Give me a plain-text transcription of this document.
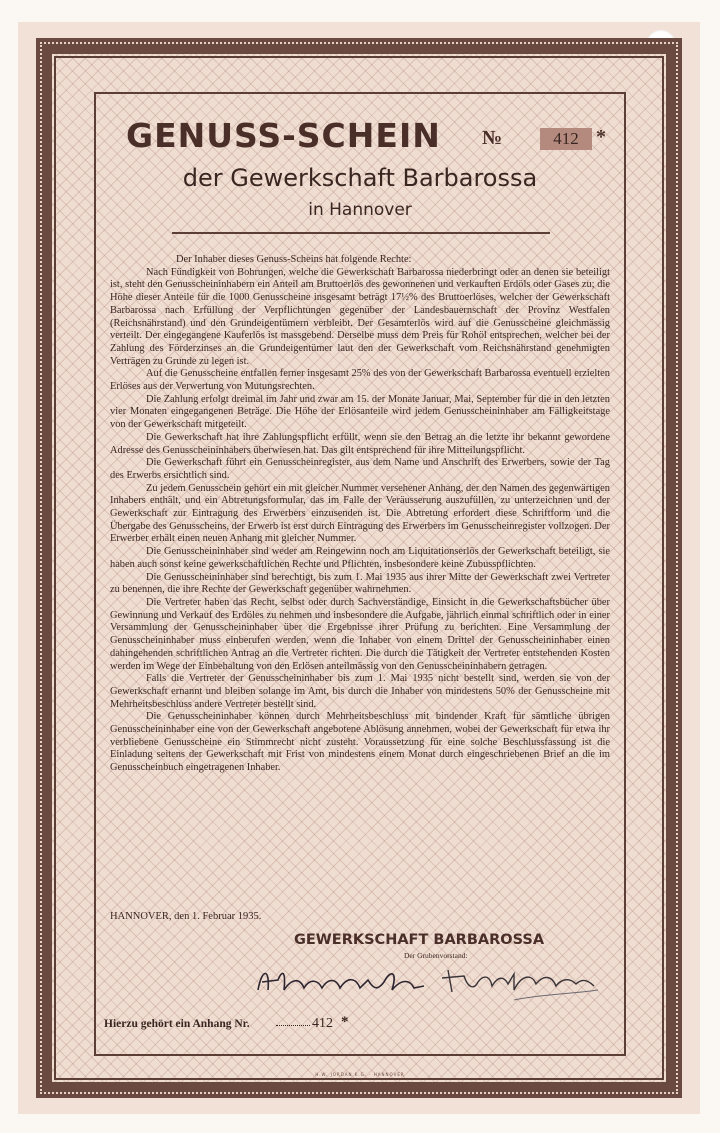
GENUSS-SCHEIN №	412 *
der Gewerkschaft Barbarossa
in Hannover

Der Inhaber dieses Genuss-Scheins hat folgende Rechte:

Nach Fündigkeit von Bohrungen, welche die Gewerkschaft Barbarossa niederbringt oder an denen sie beteiligt ist, steht den Genusscheininhabern ein Anteil am Bruttoerlös des gewonnenen und verkauften Erdöls oder Gases zu; die Höhe dieser Anteile für die 1000 Genusscheine insgesamt beträgt 17½% des Bruttoerlöses, welcher der Gewerkschaft Barbarossa nach Erfüllung der Verpflichtungen gegenüber der Landesbauernschaft der Provinz Westfalen (Reichsnährstand) und den Grundeigentümern verbleibt. Der Gesamterlös wird auf die Genusscheine gleichmässig verteilt. Der eingegangene Kauferlös ist massgebend. Derselbe muss dem Preis für Rohöl entsprechen, welcher bei der Zahlung des Förderzinses an die Grundeigentümer laut den der Gewerkschaft vom Reichsnährstand genehmigten Verträgen zu Grunde zu legen ist.

Auf die Genusscheine entfallen ferner insgesamt 25% des von der Gewerkschaft Barbarossa eventuell erzielten Erlöses aus der Verwertung von Mutungsrechten.

Die Zahlung erfolgt dreimal im Jahr und zwar am 15. der Monate Januar, Mai, September für die in den letzten vier Monaten eingegangenen Beträge. Die Höhe der Erlösanteile wird jedem Genusscheininhaber am Fälligkeitstage von der Gewerkschaft mitgeteilt.

Die Gewerkschaft hat ihre Zahlungspflicht erfüllt, wenn sie den Betrag an die letzte ihr bekannt gewordene Adresse des Genusscheininhabers überwiesen hat. Das gilt entsprechend für ihre Mitteilungspflicht.

Die Gewerkschaft führt ein Genusscheinregister, aus dem Name und Anschrift des Erwerbers, sowie der Tag des Erwerbs ersichtlich sind.

Zu jedem Genusschein gehört ein mit gleicher Nummer versehener Anhang, der den Namen des gegenwärtigen Inhabers enthält, und ein Abtretungsformular, das im Falle der Veräusserung auszufüllen, zu unterzeichnen und der Gewerkschaft zur Eintragung des Erwerbers einzusenden ist. Die Abtretung erfordert diese Schriftform und die Übergabe des Genusscheins, der Erwerb ist erst durch Eintragung des Erwerbers im Genusscheinregister vollzogen. Der Erwerber erhält einen neuen Anhang mit gleicher Nummer.

Die Genusscheininhaber sind weder am Reingewinn noch am Liquitationserlös der Gewerkschaft beteiligt, sie haben auch sonst keine gewerkschaftlichen Rechte und Pflichten, insbesondere keine Zubusspflichten.

Die Genusscheininhaber sind berechtigt, bis zum 1. Mai 1935 aus ihrer Mitte der Gewerkschaft zwei Vertreter zu benennen, die ihre Rechte der Gewerkschaft gegenüber wahrnehmen.

Die Vertreter haben das Recht, selbst oder durch Sachverständige, Einsicht in die Gewerkschaftsbücher über Gewinnung und Verkauf des Erdöles zu nehmen und insbesondere die Aufgabe, jährlich einmal schriftlich oder in einer Versammlung der Genusscheininhaber über die Ergebnisse ihrer Prüfung zu berichten. Eine Versammlung der Genusscheininhaber muss einberufen werden, wenn die Inhaber von einem Drittel der Genusscheininhaber einen dahingehenden schriftlichen Antrag an die Vertreter richten. Die durch die Tätigkeit der Vertreter entstehenden Kosten werden im Wege der Einbehaltung von den Erlösen anteilmässig von den Genusscheininhabern getragen.

Falls die Vertreter der Genusscheininhaber bis zum 1. Mai 1935 nicht bestellt sind, werden sie von der Gewerkschaft ernannt und bleiben solange im Amt, bis durch die Inhaber von mindestens 50% der Genusscheine mit Mehrheitsbeschluss andere Vertreter bestellt sind.

Die Genusscheininhaber können durch Mehrheitsbeschluss mit bindender Kraft für sämtliche übrigen Genusscheininhaber eine von der Gewerkschaft angebotene Ablösung annehmen, wobei der Gewerkschaft für etwa ihr verbliebene Genusscheine ein Stimmrecht nicht zusteht. Voraussetzung für eine solche Beschlussfassung ist die Einladung seitens der Gewerkschaft mit Frist von mindestens einem Monat durch eingeschriebenen Brief an die im Genusscheinbuch eingetragenen Inhaber.

HANNOVER, den 1. Februar 1935.
GEWERKSCHAFT BARBAROSSA
Der Grubenvorstand:
Hierzu gehört ein Anhang Nr.	412 *
H.W. JORDAN K.G. · HANNOVER
